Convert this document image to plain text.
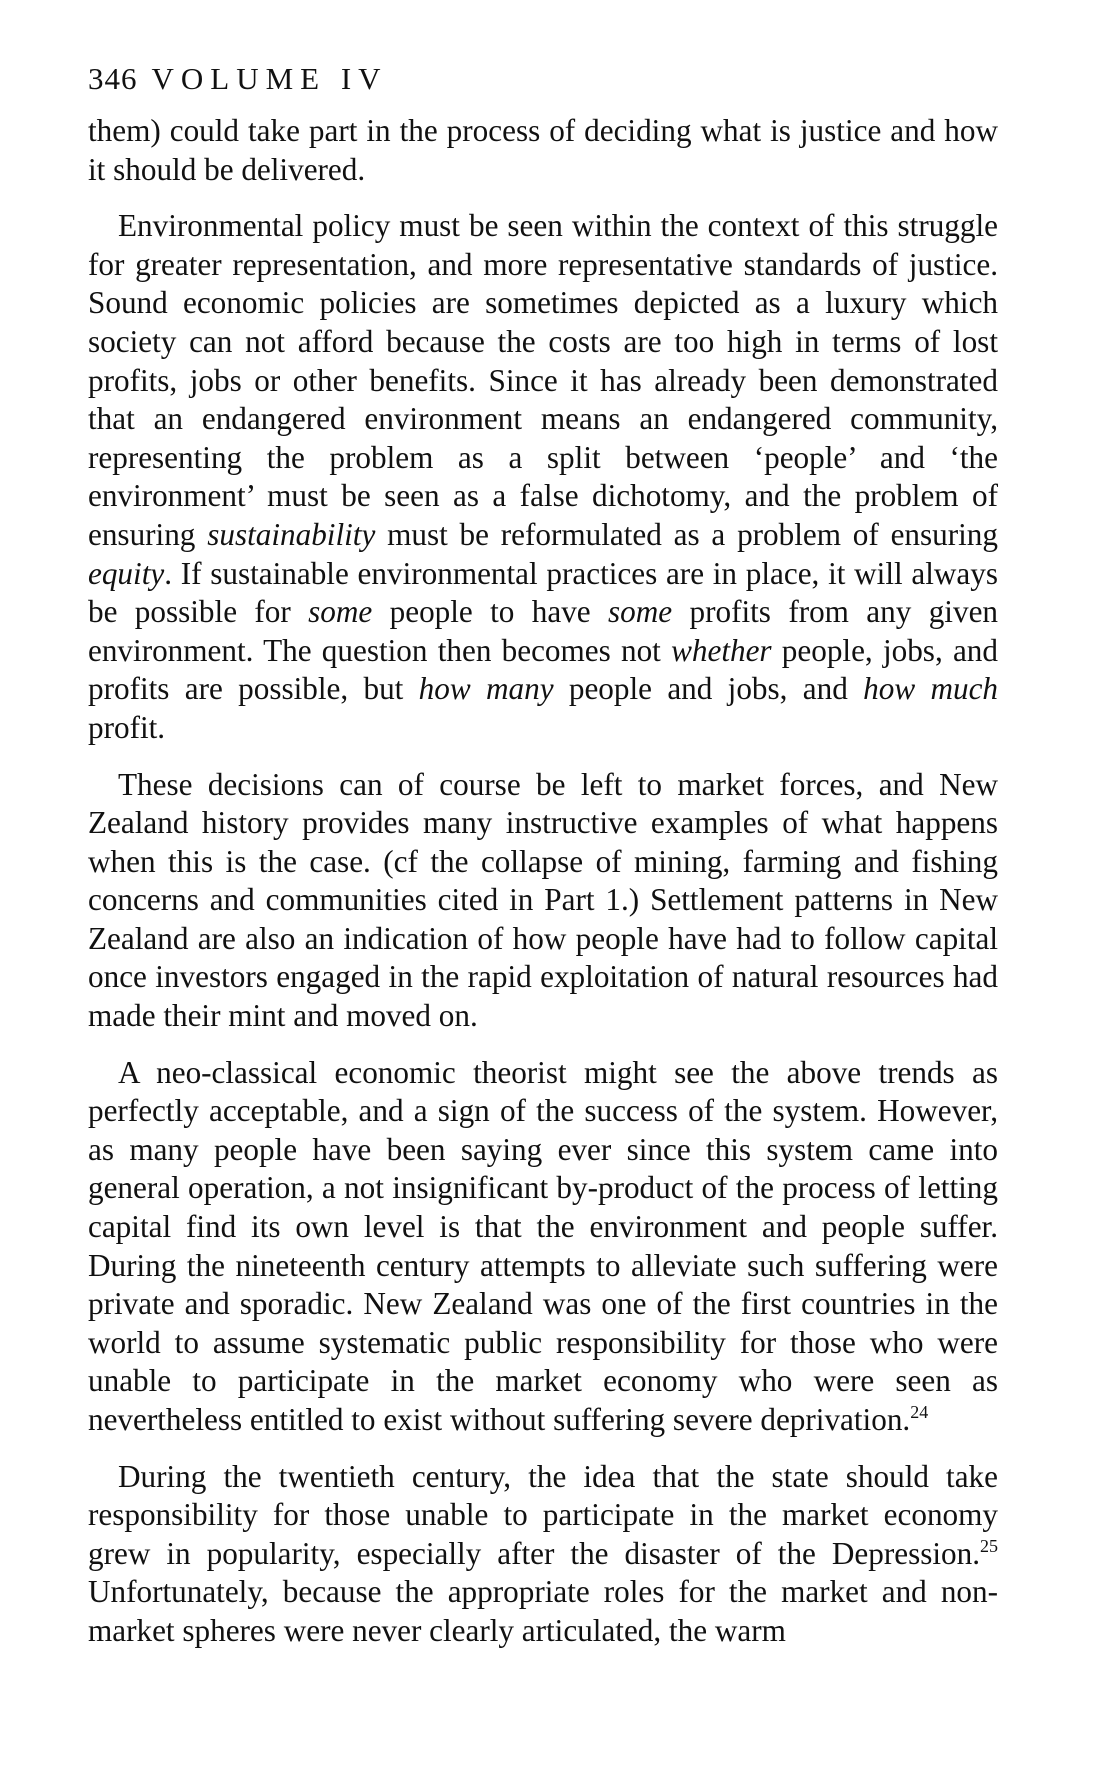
346 VOLUME IV

them) could take part in the process of deciding what is justice and how it should be delivered.

Environmental policy must be seen within the context of this struggle for greater representation, and more representative standards of justice. Sound economic policies are sometimes depicted as a luxury which society can not afford because the costs are too high in terms of lost profits, jobs or other benefits. Since it has already been demonstrated that an endangered environment means an endangered community, representing the problem as a split between ‘people’ and ‘the environment’ must be seen as a false dichotomy, and the problem of ensuring sustainability must be reformulated as a problem of ensuring equity. If sustainable environmental practices are in place, it will always be possible for some people to have some profits from any given environment. The question then becomes not whether people, jobs, and profits are possible, but how many people and jobs, and how much profit.

These decisions can of course be left to market forces, and New Zealand history provides many instructive examples of what happens when this is the case. (cf the collapse of mining, farming and fishing concerns and communities cited in Part 1.) Settlement patterns in New Zealand are also an indication of how people have had to follow capital once investors engaged in the rapid exploitation of natural resources had made their mint and moved on.

A neo-classical economic theorist might see the above trends as perfectly acceptable, and a sign of the success of the system. However, as many people have been saying ever since this system came into general operation, a not insignificant by-product of the process of letting capital find its own level is that the environment and people suffer. During the nineteenth century attempts to alleviate such suffering were private and sporadic. New Zealand was one of the first countries in the world to assume systematic public responsibility for those who were unable to participate in the market economy who were seen as nevertheless entitled to exist without suffering severe deprivation.$^{24}$

During the twentieth century, the idea that the state should take responsibility for those unable to participate in the market economy grew in popularity, especially after the disaster of the Depression.$^{25}$ Unfortunately, because the appropriate roles for the market and non-market spheres were never clearly articulated, the warm
